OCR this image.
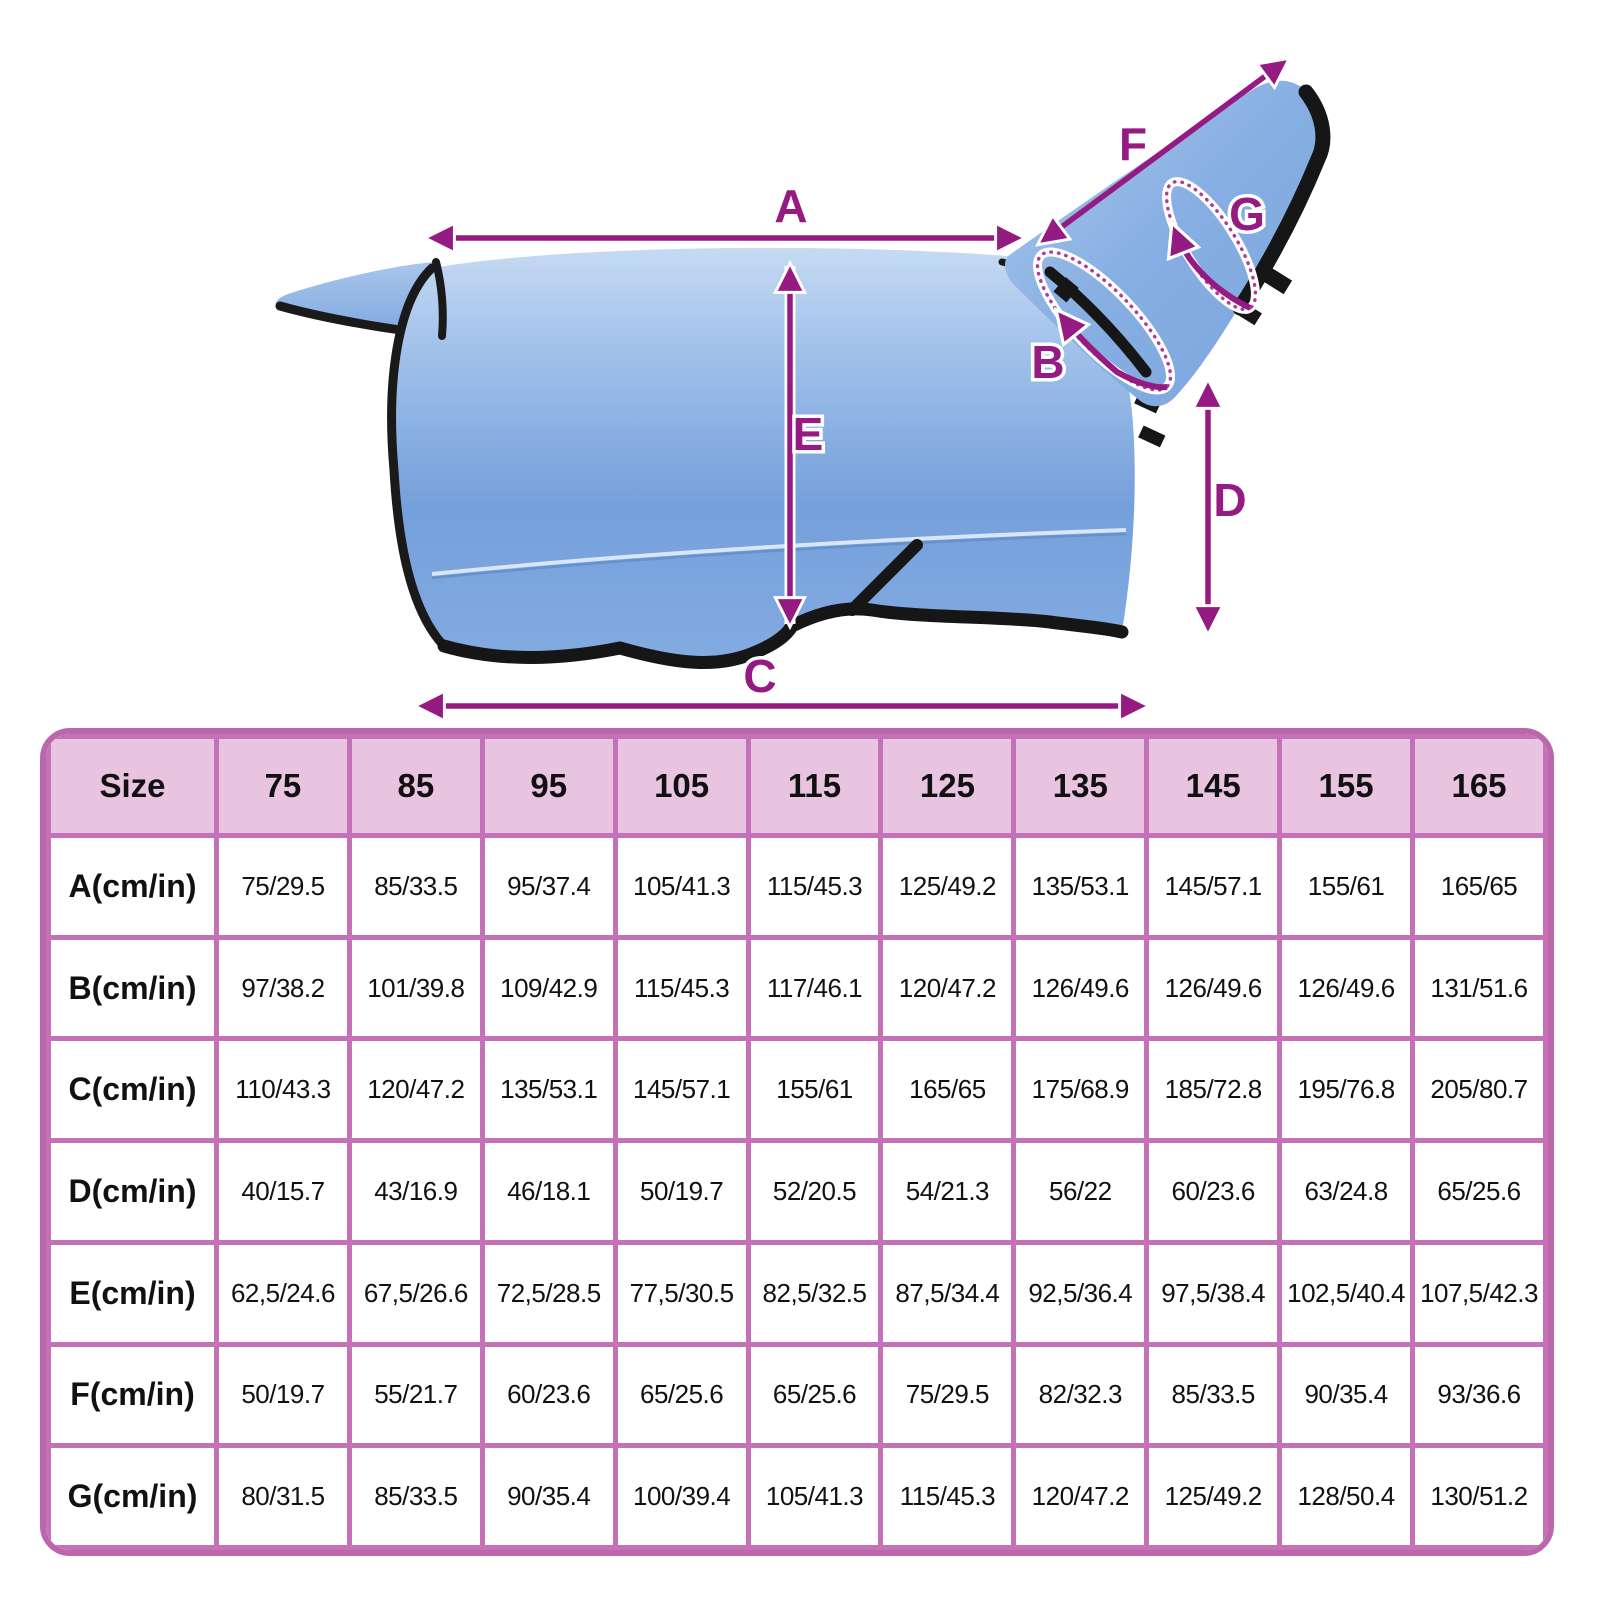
A
B
C
D
E
F
G
Size	75	85	95	105	115	125	135	145	155	165
A(cm/in)	75/29.5	85/33.5	95/37.4	105/41.3	115/45.3	125/49.2	135/53.1	145/57.1	155/61	165/65
B(cm/in)	97/38.2	101/39.8	109/42.9	115/45.3	117/46.1	120/47.2	126/49.6	126/49.6	126/49.6	131/51.6
C(cm/in)	110/43.3	120/47.2	135/53.1	145/57.1	155/61	165/65	175/68.9	185/72.8	195/76.8	205/80.7
D(cm/in)	40/15.7	43/16.9	46/18.1	50/19.7	52/20.5	54/21.3	56/22	60/23.6	63/24.8	65/25.6
E(cm/in)	62,5/24.6	67,5/26.6	72,5/28.5	77,5/30.5	82,5/32.5	87,5/34.4	92,5/36.4	97,5/38.4	102,5/40.4	107,5/42.3
F(cm/in)	50/19.7	55/21.7	60/23.6	65/25.6	65/25.6	75/29.5	82/32.3	85/33.5	90/35.4	93/36.6
G(cm/in)	80/31.5	85/33.5	90/35.4	100/39.4	105/41.3	115/45.3	120/47.2	125/49.2	128/50.4	130/51.2
